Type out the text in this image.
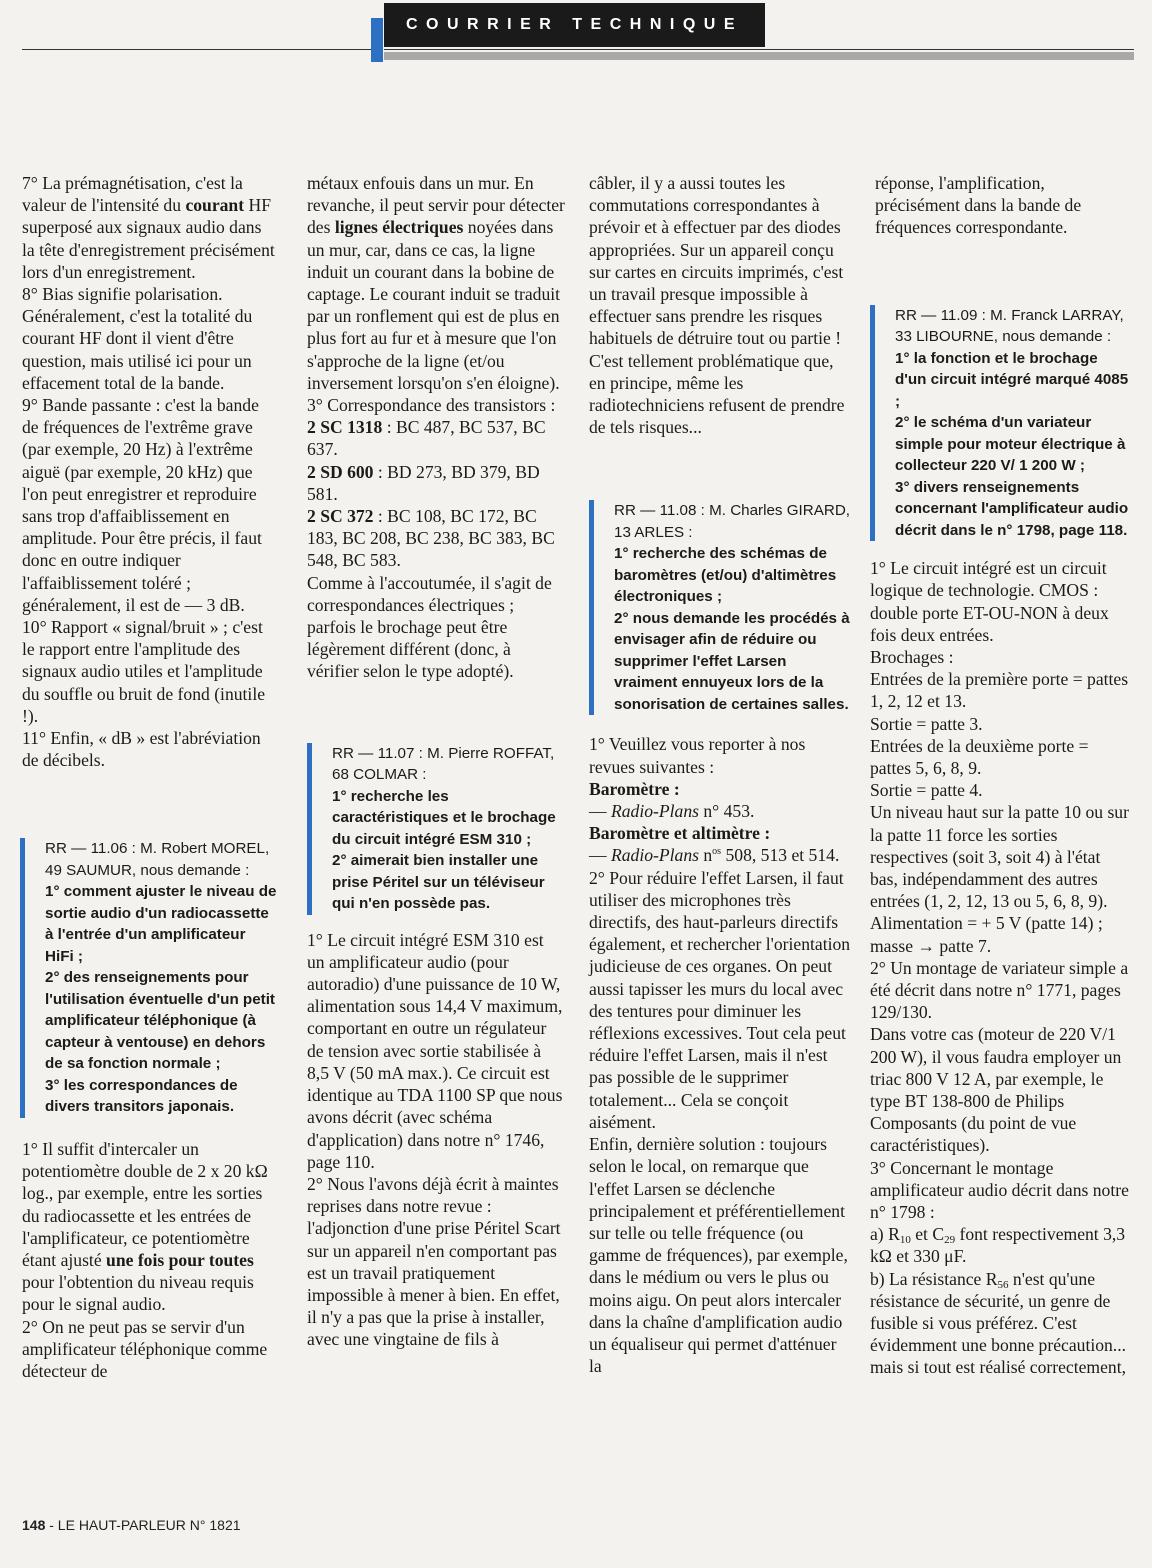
COURRIER TECHNIQUE

7° La prémagnétisation, c'est la valeur de l'intensité du courant HF superposé aux signaux audio dans la tête d'enregistrement précisément lors d'un enregistrement.

8° Bias signifie polarisation. Généralement, c'est la totalité du courant HF dont il vient d'être question, mais utilisé ici pour un effacement total de la bande.

9° Bande passante : c'est la bande de fréquences de l'extrême grave (par exemple, 20 Hz) à l'extrême aiguë (par exemple, 20 kHz) que l'on peut enregistrer et reproduire sans trop d'affaiblissement en amplitude. Pour être précis, il faut donc en outre indiquer l'affaiblissement toléré ; généralement, il est de — 3 dB.

10° Rapport « signal/bruit » ; c'est le rapport entre l'amplitude des signaux audio utiles et l'amplitude du souffle ou bruit de fond (inutile !).

11° Enfin, « dB » est l'abréviation de décibels.

RR — 11.06 : M. Robert MOREL, 49 SAUMUR, nous demande :
1° comment ajuster le niveau de sortie audio d'un radiocassette à l'entrée d'un amplificateur HiFi ;
2° des renseignements pour l'utilisation éventuelle d'un petit amplificateur téléphonique (à capteur à ventouse) en dehors de sa fonction normale ;
3° les correspondances de divers transitors japonais.

1° Il suffit d'intercaler un potentiomètre double de 2 x 20 kΩ log., par exemple, entre les sorties du radiocassette et les entrées de l'amplificateur, ce potentiomètre étant ajusté une fois pour toutes pour l'obtention du niveau requis pour le signal audio.

2° On ne peut pas se servir d'un amplificateur téléphonique comme détecteur de

métaux enfouis dans un mur. En revanche, il peut servir pour détecter des lignes électriques noyées dans un mur, car, dans ce cas, la ligne induit un courant dans la bobine de captage. Le courant induit se traduit par un ronflement qui est de plus en plus fort au fur et à mesure que l'on s'approche de la ligne (et/ou inversement lorsqu'on s'en éloigne).

3° Correspondance des transistors :

2 SC 1318 : BC 487, BC 537, BC 637.

2 SD 600 : BD 273, BD 379, BD 581.

2 SC 372 : BC 108, BC 172, BC 183, BC 208, BC 238, BC 383, BC 548, BC 583.

Comme à l'accoutumée, il s'agit de correspondances électriques ; parfois le brochage peut être légèrement différent (donc, à vérifier selon le type adopté).

RR — 11.07 : M. Pierre ROFFAT, 68 COLMAR :
1° recherche les caractéristiques et le brochage du circuit intégré ESM 310 ;
2° aimerait bien installer une prise Péritel sur un téléviseur qui n'en possède pas.

1° Le circuit intégré ESM 310 est un amplificateur audio (pour autoradio) d'une puissance de 10 W, alimentation sous 14,4 V maximum, comportant en outre un régulateur de tension avec sortie stabilisée à 8,5 V (50 mA max.). Ce circuit est identique au TDA 1100 SP que nous avons décrit (avec schéma d'application) dans notre n° 1746, page 110.

2° Nous l'avons déjà écrit à maintes reprises dans notre revue : l'adjonction d'une prise Péritel Scart sur un appareil n'en comportant pas est un travail pratiquement impossible à mener à bien. En effet, il n'y a pas que la prise à installer, avec une vingtaine de fils à

câbler, il y a aussi toutes les commutations correspondantes à prévoir et à effectuer par des diodes appropriées. Sur un appareil conçu sur cartes en circuits imprimés, c'est un travail presque impossible à effectuer sans prendre les risques habituels de détruire tout ou partie ! C'est tellement problématique que, en principe, même les radiotechniciens refusent de prendre de tels risques...

RR — 11.08 : M. Charles GIRARD, 13 ARLES :
1° recherche des schémas de baromètres (et/ou) d'altimètres électroniques ;
2° nous demande les procédés à envisager afin de réduire ou supprimer l'effet Larsen vraiment ennuyeux lors de la sonorisation de certaines salles.

1° Veuillez vous reporter à nos revues suivantes :

Baromètre :

— Radio-Plans n° 453.

Baromètre et altimètre :

— Radio-Plans $n^{os}$ 508, 513 et 514.

2° Pour réduire l'effet Larsen, il faut utiliser des microphones très directifs, des haut-parleurs directifs également, et rechercher l'orientation judicieuse de ces organes. On peut aussi tapisser les murs du local avec des tentures pour diminuer les réflexions excessives. Tout cela peut réduire l'effet Larsen, mais il n'est pas possible de le supprimer totalement... Cela se conçoit aisément.

Enfin, dernière solution : toujours selon le local, on remarque que l'effet Larsen se déclenche principalement et préférentiellement sur telle ou telle fréquence (ou gamme de fréquences), par exemple, dans le médium ou vers le plus ou moins aigu. On peut alors intercaler dans la chaîne d'amplification audio un équaliseur qui permet d'atténuer la

réponse, l'amplification, précisément dans la bande de fréquences correspondante.

RR — 11.09 : M. Franck LARRAY, 33 LIBOURNE, nous demande :
1° la fonction et le brochage d'un circuit intégré marqué 4085 ;
2° le schéma d'un variateur simple pour moteur électrique à collecteur 220 V/ 1 200 W ;
3° divers renseignements concernant l'amplificateur audio décrit dans le n° 1798, page 118.

1° Le circuit intégré est un circuit logique de technologie. CMOS : double porte ET-OU-NON à deux fois deux entrées.

Brochages :

Entrées de la première porte = pattes 1, 2, 12 et 13.

Sortie = patte 3.

Entrées de la deuxième porte = pattes 5, 6, 8, 9.

Sortie = patte 4.

Un niveau haut sur la patte 10 ou sur la patte 11 force les sorties respectives (soit 3, soit 4) à l'état bas, indépendamment des autres entrées (1, 2, 12, 13 ou 5, 6, 8, 9).

Alimentation = + 5 V (patte 14) ; masse → patte 7.

2° Un montage de variateur simple a été décrit dans notre n° 1771, pages 129/130.

Dans votre cas (moteur de 220 V/1 200 W), il vous faudra employer un triac 800 V 12 A, par exemple, le type BT 138-800 de Philips Composants (du point de vue caractéristiques).

3° Concernant le montage amplificateur audio décrit dans notre n° 1798 :

a) $R_{10}$ et $C_{29}$ font respectivement 3,3 kΩ et 330 μF.

b) La résistance $R_{56}$ n'est qu'une résistance de sécurité, un genre de fusible si vous préférez. C'est évidemment une bonne précaution... mais si tout est réalisé correctement,

148 - LE HAUT-PARLEUR N° 1821
